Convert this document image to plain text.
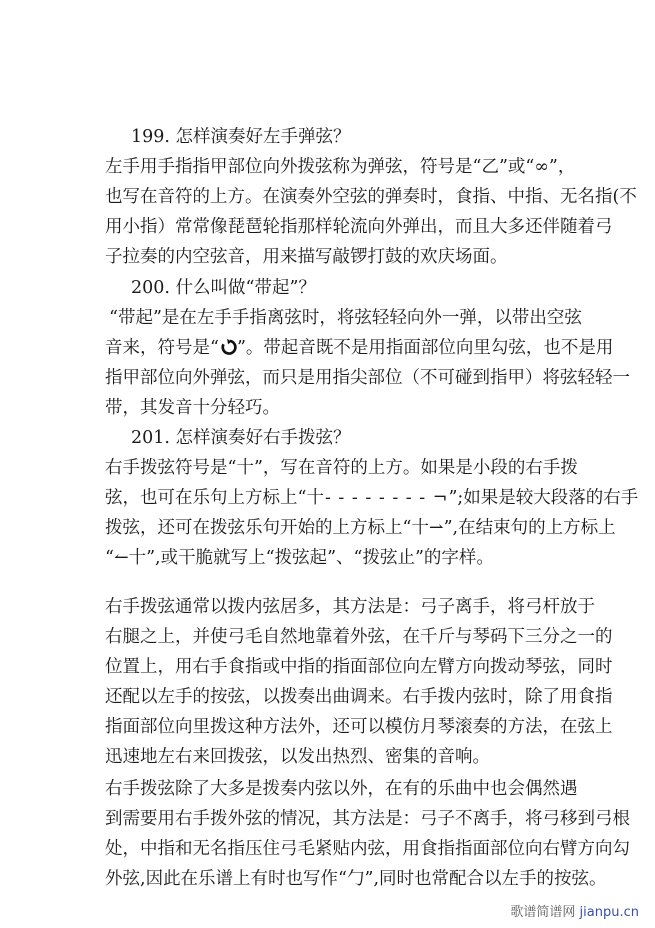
199. 怎样演奏好左手弹弦？
左手用手指指甲部位向外拨弦称为弹弦，符号是“乙”或“∞”，
也写在音符的上方。在演奏外空弦的弹奏时，食指、中指、无名指(不
用小指）常常像琵琶轮指那样轮流向外弹出，而且大多还伴随着弓
子拉奏的内空弦音，用来描写敲锣打鼓的欢庆场面。
200. 什么叫做“带起”？
“带起”是在左手手指离弦时，将弦轻轻向外一弹，以带出空弦
音来，符号是“ ”。带起音既不是用指面部位向里勾弦，也不是用
指甲部位向外弹弦，而只是用指尖部位（不可碰到指甲）将弦轻轻一
带，其发音十分轻巧。
201. 怎样演奏好右手拨弦？
右手拨弦符号是“十”，写在音符的上方。如果是小段的右手拨
弦，也可在乐句上方标上“十- - - - - - - - ¬”;如果是较大段落的右手
拨弦，还可在拨弦乐句开始的上方标上“十⇀”,在结束句的上方标上
“↼十”,或干脆就写上“拨弦起”、“拨弦止”的字样。
右手拨弦通常以拨内弦居多，其方法是：弓子离手，将弓杆放于
右腿之上，并使弓毛自然地靠着外弦，在千斤与琴码下三分之一的
位置上，用右手食指或中指的指面部位向左臂方向拨动琴弦，同时
还配以左手的按弦，以拨奏出曲调来。右手拨内弦时，除了用食指
指面部位向里拨这种方法外，还可以模仿月琴滚奏的方法，在弦上
迅速地左右来回拨弦，以发出热烈、密集的音响。
右手拨弦除了大多是拨奏内弦以外，在有的乐曲中也会偶然遇
到需要用右手拨外弦的情况，其方法是：弓子不离手，将弓移到弓根
处，中指和无名指压住弓毛紧贴内弦，用食指指面部位向右臂方向勾
外弦,因此在乐谱上有时也写作“勹”,同时也常配合以左手的按弦。
歌谱简谱网 jianpu.cn
